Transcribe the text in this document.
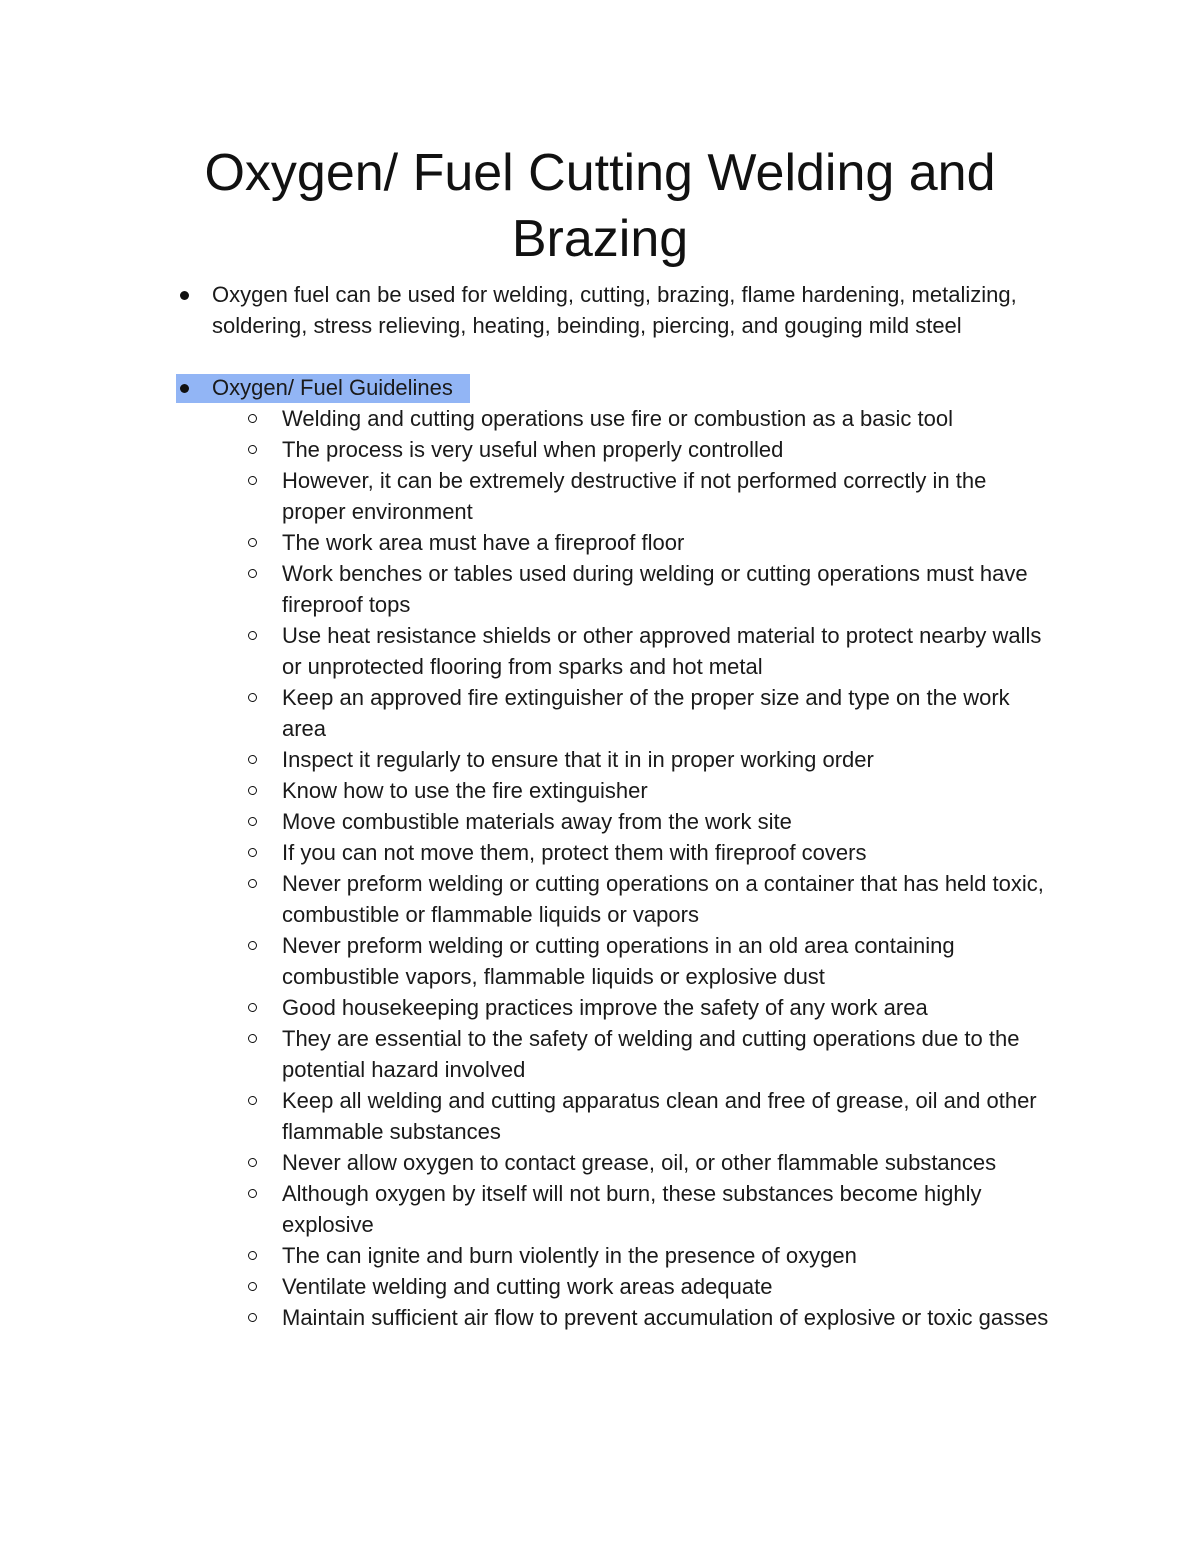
Oxygen/ Fuel Cutting Welding and Brazing
Oxygen fuel can be used for welding, cutting, brazing, flame hardening, metalizing, soldering, stress relieving, heating, beinding, piercing, and gouging mild steel
Oxygen/ Fuel Guidelines
Welding and cutting operations use fire or combustion as a basic tool
The process is very useful when properly controlled
However, it can be extremely destructive if not performed correctly in the proper environment
The work area must have a fireproof floor
Work benches or tables used during welding or cutting operations must have fireproof tops
Use heat resistance shields or other approved material to protect nearby walls or unprotected flooring from sparks and hot metal
Keep an approved fire extinguisher of the proper size and type on the work area
Inspect it regularly to ensure that it in in proper working order
Know how to use the fire extinguisher
Move combustible materials away from the work site
If you can not move them, protect them with fireproof covers
Never preform welding or cutting operations on a container that has held toxic, combustible or flammable liquids or vapors
Never preform welding or cutting operations in an old area containing combustible vapors, flammable liquids or explosive dust
Good housekeeping practices improve the safety of any work area
They are essential to the safety of welding and cutting operations due to the potential hazard involved
Keep all welding and cutting apparatus clean and free of grease, oil and other flammable substances
Never allow oxygen to contact grease, oil, or other flammable substances
Although oxygen by itself will not burn, these substances become highly explosive
The can ignite and burn violently in the presence of oxygen
Ventilate welding and cutting work areas adequate
Maintain sufficient air flow to prevent accumulation of explosive or toxic gasses
